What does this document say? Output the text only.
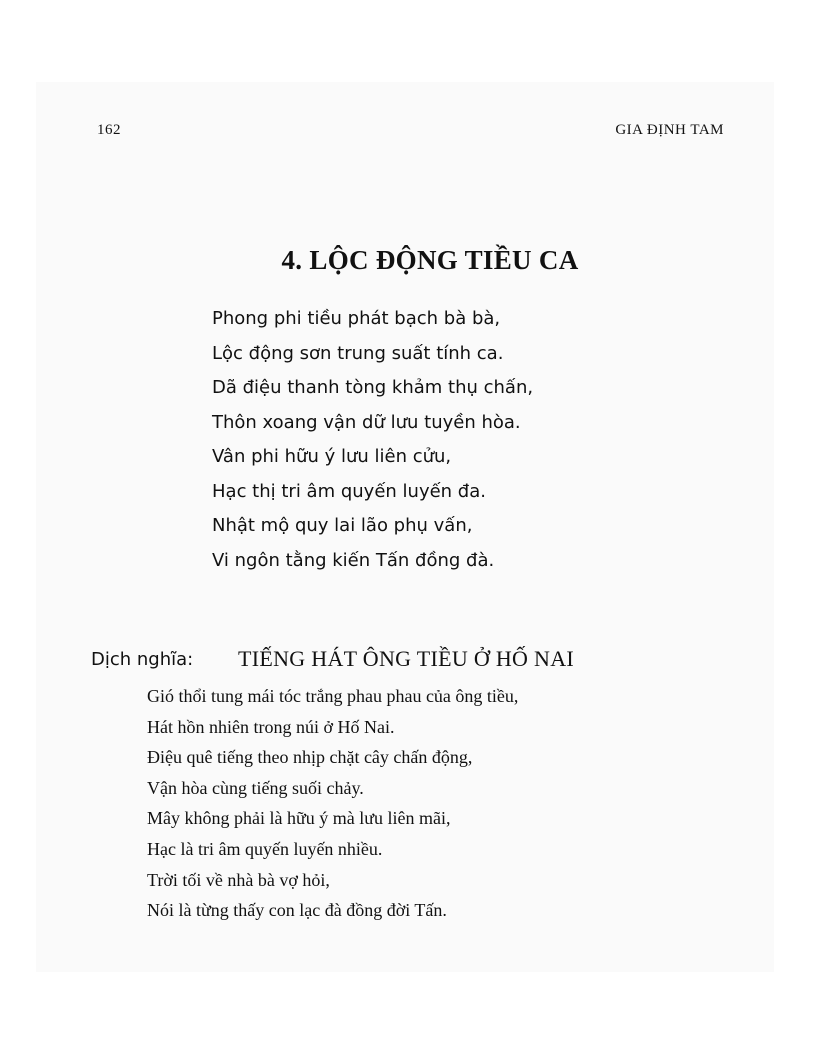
162	GIA ĐỊNH TAM
4. LỘC ĐỘNG TIỀU CA
Phong phi tiều phát bạch bà bà,
Lộc động sơn trung suất tính ca.
Dã điệu thanh tòng khảm thụ chấn,
Thôn xoang vận dữ lưu tuyền hòa.
Vân phi hữu ý lưu liên cửu,
Hạc thị tri âm quyến luyến đa.
Nhật mộ quy lai lão phụ vấn,
Vi ngôn tằng kiến Tấn đồng đà.
Dịch nghĩa: TIẾNG HÁT ÔNG TIỀU Ở HỐ NAI
Gió thổi tung mái tóc trắng phau phau của ông tiều,
Hát hồn nhiên trong núi ở Hố Nai.
Điệu quê tiếng theo nhịp chặt cây chấn động,
Vận hòa cùng tiếng suối chảy.
Mây không phải là hữu ý mà lưu liên mãi,
Hạc là tri âm quyến luyến nhiều.
Trời tối về nhà bà vợ hỏi,
Nói là từng thấy con lạc đà đồng đời Tấn.
